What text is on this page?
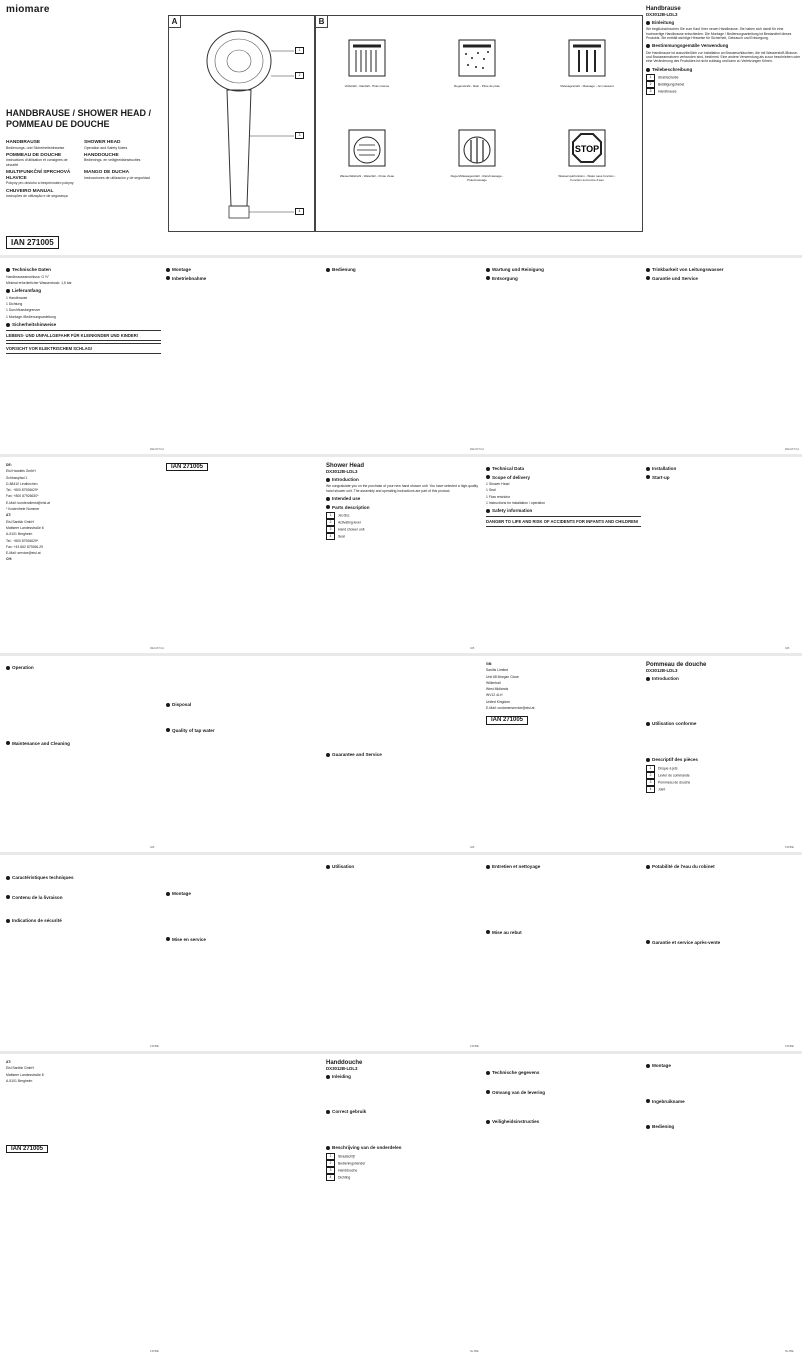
miomare
HANDBRAUSE / SHOWER HEAD / POMMEAU DE DOUCHE
HANDBRAUSE
Bedienungs- und Sicherheitshinweise
SHOWER HEAD
Operation and Safety Notes
POMMEAU DE DOUCHE
Instructions d'utilisation et consignes de sécurité
HANDDOUCHE
Bedienings- en veiligheidsinstructies
MULTIFUNKČNÍ SPRCHOVÁ HLAVICE
Pokyny pro obsluhu a bezpečnostní pokyny
MANGO DE DUCHA
Instrucciones de utilización y de seguridad
CHUVEIRO MANUAL
Instruções de utilização e de segurança
IAN 271005
A
1
2
3
4
B
Vollstrahl - Rainfall - Pluie intense	Regenstrahl - Rain - Pluie de pluie	Massagestrahl - Massage - Jet massant
Wasserfallstrahl - Waterfall - Chute d'eau	Regen/Massagestrahl - Rain/massage - Pluie/massage
STOP
Wassersparfunktion - Water save function - Fonction économie d'eau
Handbrause
DX3012B-LDL3
Einleitung

Wir beglückwünschen Sie zum Kauf Ihrer neuen Handbrause. Sie haben sich damit für eine hochwertige Handbrause entschieden. Die Montage / Bedienungsanleitung ist Bestandteil dieses Produkts. Sie enthält wichtige Hinweise für Sicherheit, Gebrauch und Entsorgung.

Bestimmungsgemäße Verwendung

Die Handbrause ist ausschließlich zur Installation an Brauseschläuchen, die mit Wasserstoff-/Brause- und Brausearmaturen verbunden sind, bestimmt. Eine andere Verwendung als zuvor beschrieben oder eine Veränderung des Produktes ist nicht zulässig und kann zu Verletzungen führen.

Teilebeschreibung
1 Strahlscheibe
2 Betätigungshebel
3 Handbrause
Technische Daten

Handbrauseanschluss: G ½"

Minimal erforderlicher Wasserdruck: 1,5 bar

Lieferumfang

1 Handbrause

1 Dichtung

1 Durchflussbegrenzer

1 Montage-/Bedienungsanleitung

Sicherheitshinweise
LEBENS- UND UNFALLGEFAHR FÜR KLEINKINDER UND KINDER!
VORSICHT VOR ELEKTRISCHEM SCHLAG!
Montage
Inbetriebnahme
Bedienung	Wartung und Reinigung
Entsorgung
Trinkbarkeit von Leitungswasser
Garantie und Service
DE/AT/CH	DE/AT/CH	DE/AT/CH

DE:

Eisl Handels GmbH

Schlosspfad 1

D-88410 Leutkirchen

Tel.: +800 87926629*

Fax: +800 87926630*

E-Mail: kundendienst@eisl.at

* Kostenfreie Nummer

AT:

Eisl Sanitär GmbH

Mattseer Landesstraße 8

A-5101 Bergheim

Tel.: +800 87926629*

Fax: +43 662 879266-29

E-Mail: service@eisl.at

CH:

IAN 271005	Shower Head
DX3012B-LDL3
Introduction

We congratulate you on the purchase of your new hand shower unit. You have selected a high-quality hand shower unit. The assembly and operating instructions are part of this product.

Intended use
Parts description
1 Jet disc
2 Activating lever
3 Hand shower unit
4 Seal
Technical Data
Scope of delivery

1 Shower Head

1 Seal

1 Flow restrictor

1 Instructions for installation / operation

Safety information
DANGER TO LIFE AND RISK OF ACCIDENTS FOR INFANTS AND CHILDREN!
Installation
Start-up
DE/AT/CH	GB	GB
Operation
Maintenance and Cleaning
Disposal
Quality of tap water
Guarantee and Service

GB:

Sanitis Limited

Unit 68 Morgan Close

Willenhall

West Midlands

WV12 4LH

United Kingdom

E-Mail: customerservice@eisl.at

IAN 271005
Pommeau de douche
DX3012B-LDL3
Introduction
Utilisation conforme
Descriptif des pièces
1 Disque à jets
2 Levier de commande
3 Pommeau de douche
4 Joint
GB	GB	FR/BE
Caractéristiques techniques
Contenu de la livraison
Indications de sécurité
Montage
Mise en service
Utilisation	Entretien et nettoyage
Mise au rebut
Potabilité de l'eau du robinet
Garantie et service après-vente
FR/BE	FR/BE	FR/BE

AT:

Eisl Sanitär GmbH

Mattseer Landesstraße 8

A-5101 Bergheim

IAN 271005
Handdouche
DX3012B-LDL3
Inleiding
Correct gebruik
Beschrijving van de onderdelen
1 Straalschijf
2 Bedieningshendel
3 Handdouche
4 Dichting
Technische gegevens
Omvang van de levering
Veiligheidsinstructies
Montage
Ingebruikname
Bediening
FR/BE	NL/BE	NL/BE
